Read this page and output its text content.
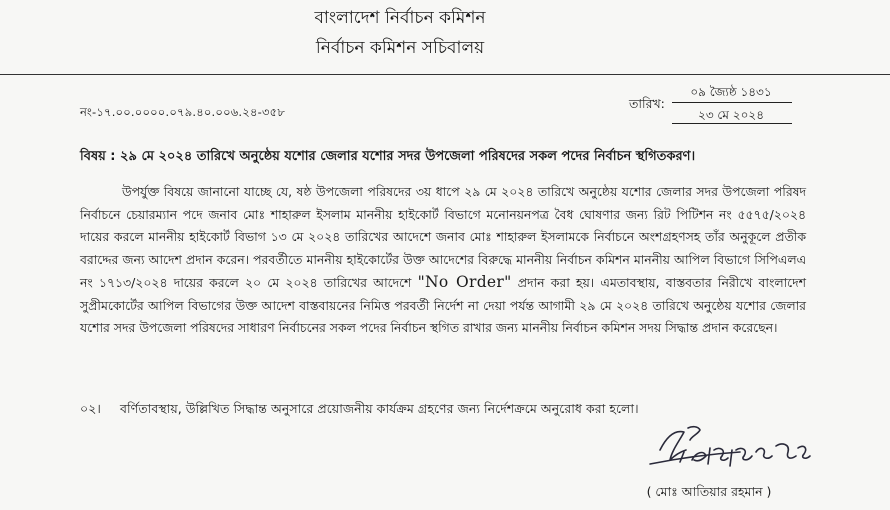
বাংলাদেশ নির্বাচন কমিশন
নির্বাচন কমিশন সচিবালয়
নং-১৭.০০.০০০০.০৭৯.৪০.০০৬.২৪-৩৫৮
তারিখ:
০৯ জ্যৈষ্ঠ ১৪৩১
২৩ মে ২০২৪
বিষয় : ২৯ মে ২০২৪ তারিখে অনুষ্ঠেয় যশোর জেলার যশোর সদর উপজেলা পরিষদের সকল পদের নির্বাচন স্থগিতকরণ।

উপর্যুক্ত বিষয়ে জানানো যাচ্ছে যে, ষষ্ঠ উপজেলা পরিষদের ৩য় ধাপে ২৯ মে ২০২৪ তারিখে অনুষ্ঠেয় যশোর জেলার সদর উপজেলা পরিষদ নির্বাচনে চেয়ারম্যান পদে জনাব মোঃ শাহারুল ইসলাম মাননীয় হাইকোর্ট বিভাগে মনোনয়নপত্র বৈধ ঘোষণার জন্য রিট পিটিশন নং ৫৫৭৫/২০২৪ দায়ের করলে মাননীয় হাইকোর্ট বিভাগ ১৩ মে ২০২৪ তারিখের আদেশে জনাব মোঃ শাহারুল ইসলামকে নির্বাচনে অংশগ্রহণসহ তাঁর অনুকূলে প্রতীক বরাদ্দের জন্য আদেশ প্রদান করেন। পরবর্তীতে মাননীয় হাইকোর্টের উক্ত আদেশের বিরুদ্ধে মাননীয় নির্বাচন কমিশন মাননীয় আপিল বিভাগে সিপিএলএ নং ১৭১৩/২০২৪ দায়ের করলে ২০ মে ২০২৪ তারিখের আদেশে "No Order" প্রদান করা হয়। এমতাবস্থায়, বাস্তবতার নিরীখে বাংলাদেশ সুপ্রীমকোর্টের আপিল বিভাগের উক্ত আদেশ বাস্তবায়নের নিমিত্ত পরবর্তী নির্দেশ না দেয়া পর্যন্ত আগামী ২৯ মে ২০২৪ তারিখে অনুষ্ঠেয় যশোর জেলার যশোর সদর উপজেলা পরিষদের সাধারণ নির্বাচনের সকল পদের নির্বাচন স্থগিত রাখার জন্য মাননীয় নির্বাচন কমিশন সদয় সিদ্ধান্ত প্রদান করেছেন।

০২। বর্ণিতাবস্থায়, উল্লিখিত সিদ্ধান্ত অনুসারে প্রয়োজনীয় কার্যক্রম গ্রহণের জন্য নির্দেশক্রমে অনুরোধ করা হলো।
( মোঃ আতিয়ার রহমান )
